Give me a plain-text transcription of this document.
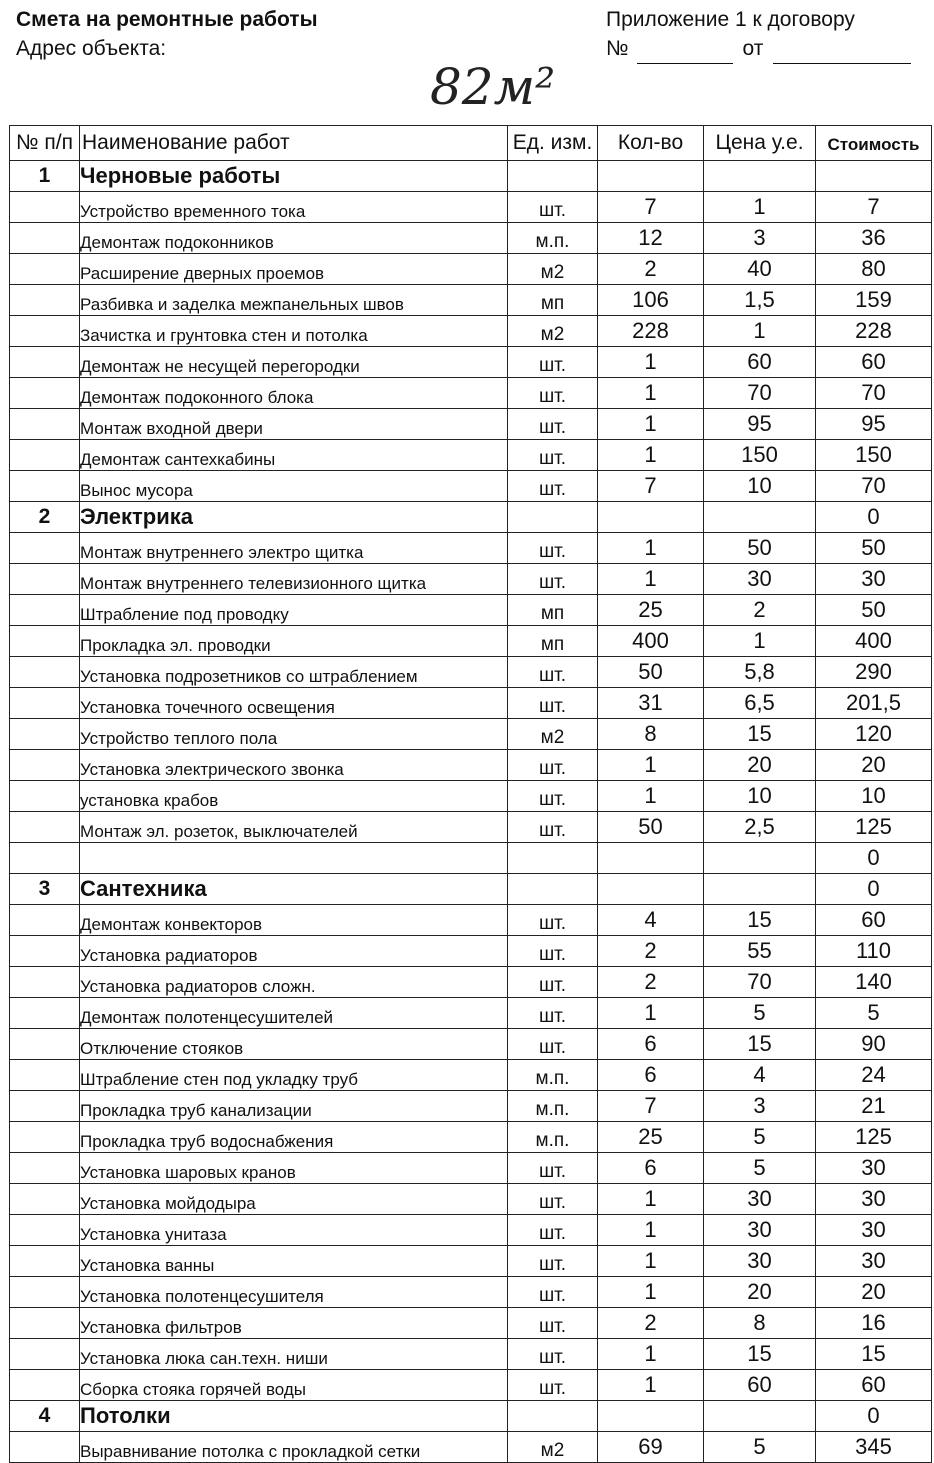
Смета на ремонтные работы
Адрес объекта:
Приложение 1 к договору
№	от
82м²
№ п/п	Наименование работ	Ед. изм.	Кол-во	Цена у.е.	Стоимость
1	Черновые работы				
	Устройство временного тока	шт.	7	1	7
	Демонтаж подоконников	м.п.	12	3	36
	Расширение дверных проемов	м2	2	40	80
	Разбивка и заделка межпанельных швов	мп	106	1,5	159
	Зачистка и грунтовка стен и потолка	м2	228	1	228
	Демонтаж не несущей перегородки	шт.	1	60	60
	Демонтаж подоконного блока	шт.	1	70	70
	Монтаж входной двери	шт.	1	95	95
	Демонтаж сантехкабины	шт.	1	150	150
	Вынос мусора	шт.	7	10	70
2	Электрика				0
	Монтаж внутреннего электро щитка	шт.	1	50	50
	Монтаж внутреннего телевизионного щитка	шт.	1	30	30
	Штрабление под проводку	мп	25	2	50
	Прокладка эл. проводки	мп	400	1	400
	Установка подрозетников со штраблением	шт.	50	5,8	290
	Установка точечного освещения	шт.	31	6,5	201,5
	Устройство теплого пола	м2	8	15	120
	Установка электрического звонка	шт.	1	20	20
	установка крабов	шт.	1	10	10
	Монтаж эл. розеток, выключателей	шт.	50	2,5	125
					0
3	Сантехника				0
	Демонтаж конвекторов	шт.	4	15	60
	Установка радиаторов	шт.	2	55	110
	Установка радиаторов сложн.	шт.	2	70	140
	Демонтаж полотенцесушителей	шт.	1	5	5
	Отключение стояков	шт.	6	15	90
	Штрабление стен под укладку труб	м.п.	6	4	24
	Прокладка труб канализации	м.п.	7	3	21
	Прокладка труб водоснабжения	м.п.	25	5	125
	Установка шаровых кранов	шт.	6	5	30
	Установка мойдодыра	шт.	1	30	30
	Установка унитаза	шт.	1	30	30
	Установка ванны	шт.	1	30	30
	Установка полотенцесушителя	шт.	1	20	20
	Установка фильтров	шт.	2	8	16
	Установка люка сан.техн. ниши	шт.	1	15	15
	Сборка стояка горячей воды	шт.	1	60	60
4	Потолки				0
	Выравнивание потолка с прокладкой сетки	м2	69	5	345
